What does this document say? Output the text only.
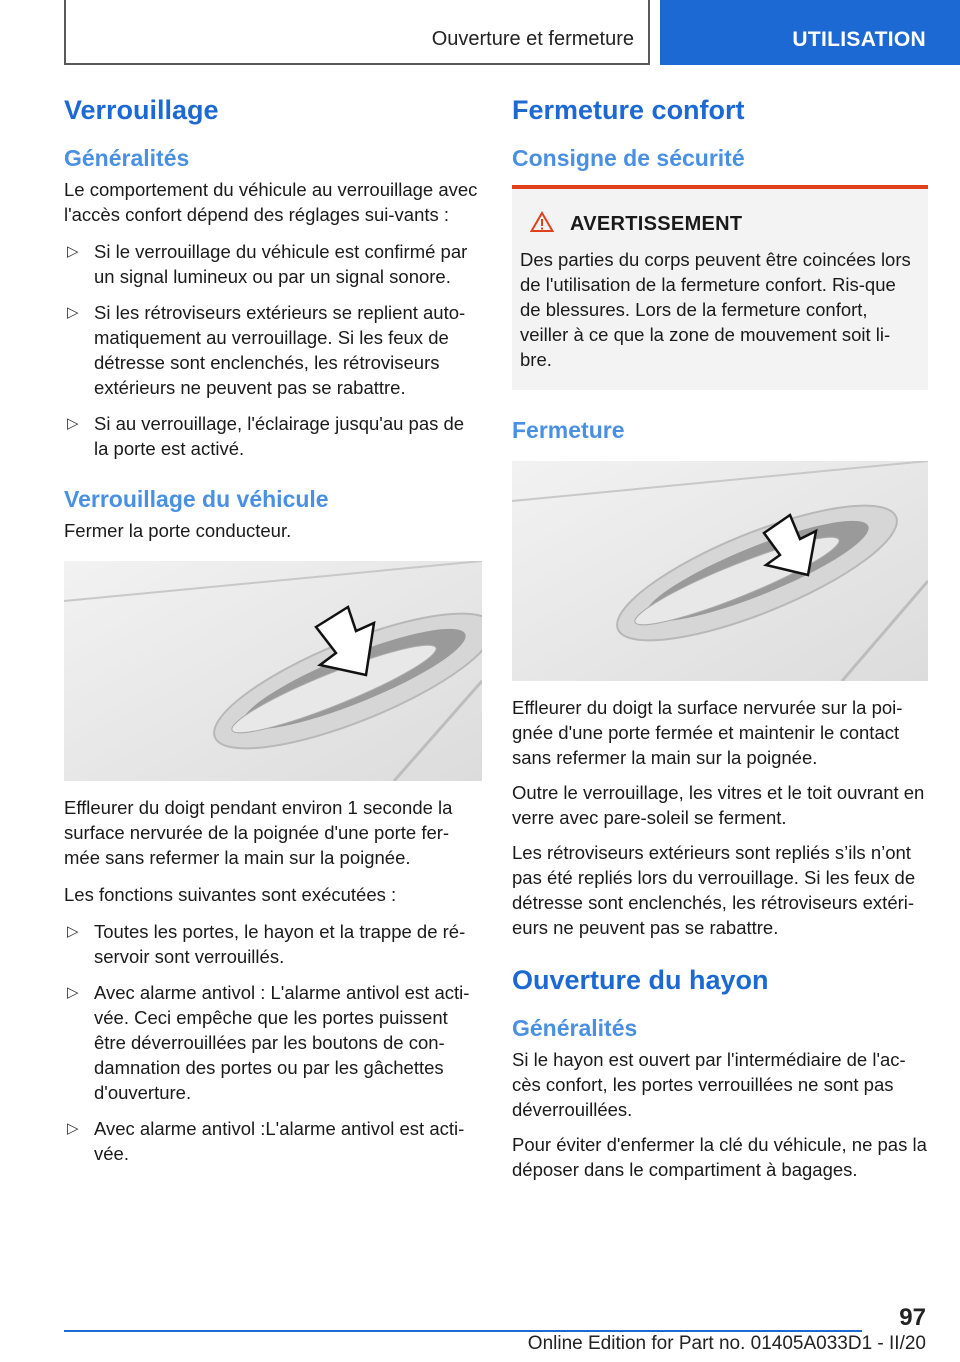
Ouverture et fermeture	UTILISATION
Verrouillage
Généralités

Le comportement du véhicule au verrouillage avec l'accès confort dépend des réglages sui-vants :

▷ Si le verrouillage du véhicule est confirmé par un signal lumineux ou par un signal sonore.
▷ Si les rétroviseurs extérieurs se replient auto-matiquement au verrouillage. Si les feux de détresse sont enclenchés, les rétroviseurs extérieurs ne peuvent pas se rabattre.
▷ Si au verrouillage, l'éclairage jusqu'au pas de la porte est activé.
Verrouillage du véhicule

Fermer la porte conducteur.

Effleurer du doigt pendant environ 1 seconde la surface nervurée de la poignée d'une porte fer-mée sans refermer la main sur la poignée.

Les fonctions suivantes sont exécutées :

▷ Toutes les portes, le hayon et la trappe de ré-servoir sont verrouillés.
▷ Avec alarme antivol : L'alarme antivol est acti-vée. Ceci empêche que les portes puissent être déverrouillées par les boutons de con-damnation des portes ou par les gâchettes d'ouverture.
▷ Avec alarme antivol :L'alarme antivol est acti-vée.
Fermeture confort
Consigne de sécurité
AVERTISSEMENT

Des parties du corps peuvent être coincées lors de l'utilisation de la fermeture confort. Ris-que de blessures. Lors de la fermeture confort, veiller à ce que la zone de mouvement soit li-bre.

Fermeture

Effleurer du doigt la surface nervurée sur la poi-gnée d'une porte fermée et maintenir le contact sans refermer la main sur la poignée.

Outre le verrouillage, les vitres et le toit ouvrant en verre avec pare-soleil se ferment.

Les rétroviseurs extérieurs sont repliés s’ils n’ont pas été repliés lors du verrouillage. Si les feux de détresse sont enclenchés, les rétroviseurs extéri-eurs ne peuvent pas se rabattre.

Ouverture du hayon
Généralités

Si le hayon est ouvert par l'intermédiaire de l'ac-cès confort, les portes verrouillées ne sont pas déverrouillées.

Pour éviter d'enfermer la clé du véhicule, ne pas la déposer dans le compartiment à bagages.

97
Online Edition for Part no. 01405A033D1 - II/20
